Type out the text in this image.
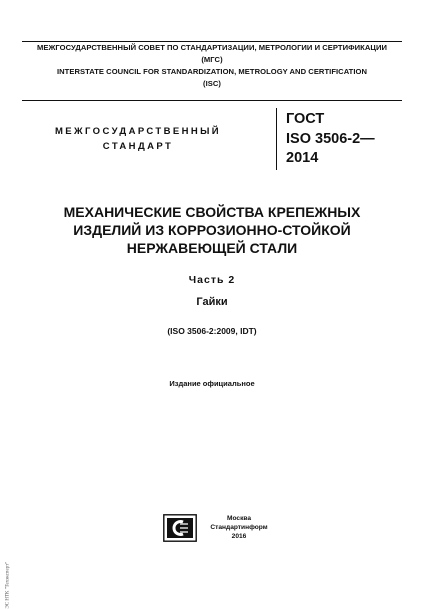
МЕЖГОСУДАРСТВЕННЫЙ СОВЕТ ПО СТАНДАРТИЗАЦИИ, МЕТРОЛОГИИ И СЕРТИФИКАЦИИ
(МГС)
INTERSTATE COUNCIL FOR STANDARDIZATION, METROLOGY AND CERTIFICATION
(ISC)
МЕЖГОСУДАРСТВЕННЫЙ
СТАНДАРТ
ГОСТ
ISO 3506-2—
2014
МЕХАНИЧЕСКИЕ СВОЙСТВА КРЕПЕЖНЫХ
ИЗДЕЛИЙ ИЗ КОРРОЗИОННО-СТОЙКОЙ
НЕРЖАВЕЮЩЕЙ СТАЛИ
Часть 2
Гайки
(ISO 3506-2:2009, IDT)
Издание официальное
Москва
Стандартинформ
2016
ЭС НТК "Техэксперт"
